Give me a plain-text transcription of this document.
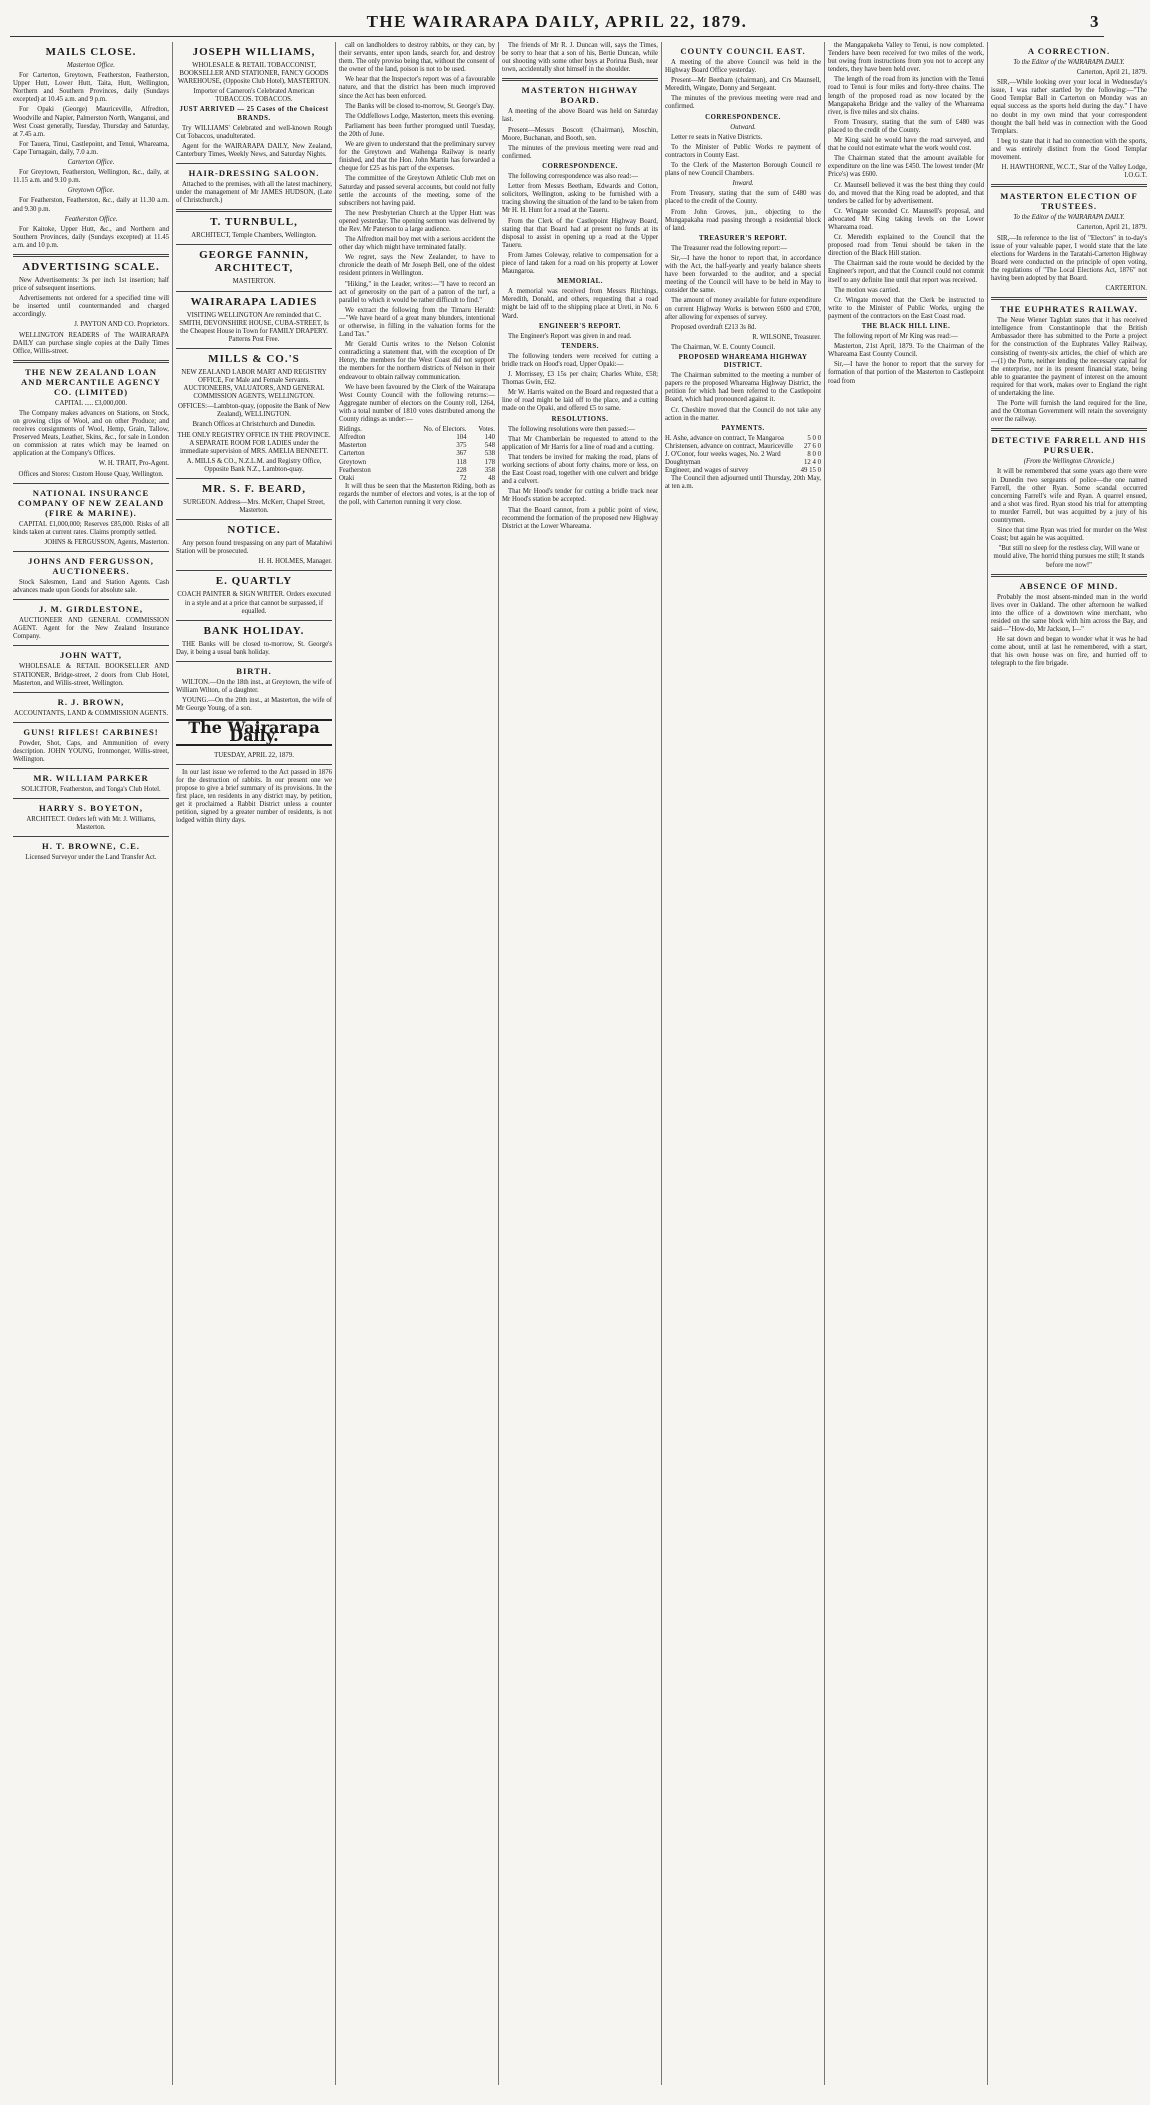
THE WAIRARAPA DAILY, APRIL 22, 1879.	3
MAILS CLOSE.

Masterton Office.

For Carterton, Greytown, Featherston, Featherston, Upper Hutt, Lower Hutt, Taita, Hutt, Wellington, Northern and Southern Provinces, daily (Sundays excepted) at 10.45 a.m. and 9 p.m.

For Opaki (George) Mauriceville, Alfredton, Woodville and Napier, Palmerston North, Wanganui, and West Coast generally, Tuesday, Thursday and Saturday, at 7.45 a.m.

For Tauera, Tinui, Castlepoint, and Tenui, Whareama, Cape Turnagain, daily, 7.0 a.m.

Carterton Office.

For Greytown, Featherston, Wellington, &c., daily, at 11.15 a.m. and 9.10 p.m.

Greytown Office.

For Featherston, Featherston, &c., daily at 11.30 a.m. and 9.30 p.m.

Featherston Office.

For Kaitoke, Upper Hutt, &c., and Northern and Southern Provinces, daily (Sundays excepted) at 11.45 a.m. and 10 p.m.

ADVERTISING SCALE.

New Advertisements: 3s per inch 1st insertion; half price of subsequent insertions.

Advertisements not ordered for a specified time will be inserted until countermanded and charged accordingly.

J. PAYTON AND CO. Proprietors.

WELLINGTON READERS of The WAIRARAPA DAILY can purchase single copies at the Daily Times Office, Willis-street.

THE NEW ZEALAND LOAN AND MERCANTILE AGENCY CO. (LIMITED)

CAPITAL ..... £3,000,000.

The Company makes advances on Stations, on Stock, on growing clips of Wool, and on other Produce; and receives consignments of Wool, Hemp, Grain, Tallow, Preserved Meats, Leather, Skins, &c., for sale in London on commission at rates which may be learned on application at the Company's Offices.

W. H. TRAIT, Pro-Agent.

Offices and Stores: Custom House Quay, Wellington.

NATIONAL INSURANCE COMPANY OF NEW ZEALAND (FIRE & MARINE).

CAPITAL £1,000,000; Reserves £85,000. Risks of all kinds taken at current rates. Claims promptly settled.

JOHNS & FERGUSSON, Agents, Masterton.

JOHNS AND FERGUSSON, AUCTIONEERS.

Stock Salesmen, Land and Station Agents. Cash advances made upon Goods for absolute sale.

J. M. GIRDLESTONE,

AUCTIONEER AND GENERAL COMMISSION AGENT. Agent for the New Zealand Insurance Company.

JOHN WATT,

WHOLESALE & RETAIL BOOKSELLER AND STATIONER, Bridge-street, 2 doors from Club Hotel, Masterton, and Willis-street, Wellington.

R. J. BROWN,

ACCOUNTANTS, LAND & COMMISSION AGENTS.

GUNS! RIFLES! CARBINES!

Powder, Shot, Caps, and Ammunition of every description. JOHN YOUNG, Ironmonger, Willis-street, Wellington.

MR. WILLIAM PARKER

SOLICITOR, Featherston, and Tonga's Club Hotel.

HARRY S. BOYETON,

ARCHITECT. Orders left with Mr. J. Williams, Masterton.

H. T. BROWNE, C.E.

Licensed Surveyor under the Land Transfer Act.

JOSEPH WILLIAMS,

WHOLESALE & RETAIL TOBACCONIST, BOOKSELLER AND STATIONER, FANCY GOODS WAREHOUSE, (Opposite Club Hotel), MASTERTON.

Importer of Cameron's Celebrated American TOBACCOS. TOBACCOS.

JUST ARRIVED — 25 Cases of the Choicest BRANDS.

Try WILLIAMS' Celebrated and well-known Rough Cut Tobaccos, unadulterated.

Agent for the WAIRARAPA DAILY, New Zealand, Canterbury Times, Weekly News, and Saturday Nights.

HAIR-DRESSING SALOON.

Attached to the premises, with all the latest machinery, under the management of Mr JAMES HUDSON, (Late of Christchurch.)

T. TURNBULL,

ARCHITECT, Temple Chambers, Wellington.

GEORGE FANNIN, ARCHITECT,

MASTERTON.

WAIRARAPA LADIES

VISITING WELLINGTON Are reminded that C. SMITH, DEVONSHIRE HOUSE, CUBA-STREET, Is the Cheapest House in Town for FAMILY DRAPERY. Patterns Post Free.

MILLS & CO.'S

NEW ZEALAND LABOR MART AND REGISTRY OFFICE, For Male and Female Servants. AUCTIONEERS, VALUATORS, AND GENERAL COMMISSION AGENTS, WELLINGTON.

OFFICES:—Lambton-quay, (opposite the Bank of New Zealand), WELLINGTON.

Branch Offices at Christchurch and Dunedin.

THE ONLY REGISTRY OFFICE IN THE PROVINCE. A SEPARATE ROOM FOR LADIES under the immediate supervision of MRS. AMELIA BENNETT.

A. MILLS & CO., N.Z.L.M. and Registry Office, Opposite Bank N.Z., Lambton-quay.

MR. S. F. BEARD,

SURGEON. Address—Mrs. McKerr, Chapel Street, Masterton.

NOTICE.

Any person found trespassing on any part of Matahiwi Station will be prosecuted.

H. H. HOLMES, Manager.

E. QUARTLY

COACH PAINTER & SIGN WRITER. Orders executed in a style and at a price that cannot be surpassed, if equalled.

BANK HOLIDAY.

THE Banks will be closed to-morrow, St. George's Day, it being a usual bank holiday.

BIRTH.

WILTON.—On the 18th inst., at Greytown, the wife of William Wilton, of a daughter.

YOUNG.—On the 20th inst., at Masterton, the wife of Mr George Young, of a son.

The Wairarapa Daily.

TUESDAY, APRIL 22, 1879.

In our last issue we referred to the Act passed in 1876 for the destruction of rabbits. In our present one we propose to give a brief summary of its provisions. In the first place, ten residents in any district may, by petition, get it proclaimed a Rabbit District unless a counter petition, signed by a greater number of residents, is not lodged within thirty days.

call on landholders to destroy rabbits, or they can, by their servants, enter upon lands, search for, and destroy them. The only proviso being that, without the consent of the owner of the land, poison is not to be used.

We hear that the Inspector's report was of a favourable nature, and that the district has been much improved since the Act has been enforced.

The Banks will be closed to-morrow, St. George's Day.

The Oddfellows Lodge, Masterton, meets this evening.

Parliament has been further prorogued until Tuesday, the 20th of June.

We are given to understand that the preliminary survey for the Greytown and Waihenga Railway is nearly finished, and that the Hon. John Martin has forwarded a cheque for £25 as his part of the expenses.

The committee of the Greytown Athletic Club met on Saturday and passed several accounts, but could not fully settle the accounts of the meeting, some of the subscribers not having paid.

The new Presbyterian Church at the Upper Hutt was opened yesterday. The opening sermon was delivered by the Rev. Mr Paterson to a large audience.

The Alfredton mail boy met with a serious accident the other day which might have terminated fatally.

We regret, says the New Zealander, to have to chronicle the death of Mr Joseph Bell, one of the oldest resident printers in Wellington.

"Hiking," in the Leader, writes:—"I have to record an act of generosity on the part of a patron of the turf, a parallel to which it would be rather difficult to find."

We extract the following from the Timaru Herald:—"We have heard of a great many blunders, intentional or otherwise, in filling in the valuation forms for the Land Tax."

Mr Gerald Curtis writes to the Nelson Colonist contradicting a statement that, with the exception of Dr Henry, the members for the West Coast did not support the members for the northern districts of Nelson in their endeavour to obtain railway communication.

We have been favoured by the Clerk of the Wairarapa West County Council with the following returns:— Aggregate number of electors on the County roll, 1264, with a total number of 1810 votes distributed among the County ridings as under:—

Ridings.	No. of Electors.	Votes.
Alfredton	104	140
Masterton	375	548
Carterton	367	538
Greytown	118	178
Featherston	228	358
Otaki	72	48

It will thus be seen that the Masterton Riding, both as regards the number of electors and votes, is at the top of the poll, with Carterton running it very close.

The friends of Mr R. J. Duncan will, says the Times, be sorry to hear that a son of his, Bertie Duncan, while out shooting with some other boys at Porirua Bush, near town, accidentally shot himself in the shoulder.

MASTERTON HIGHWAY BOARD.

A meeting of the above Board was held on Saturday last.

Present—Messrs Boscott (Chairman), Moschin, Moore, Buchanan, and Booth, sen.

The minutes of the previous meeting were read and confirmed.

CORRESPONDENCE.

The following correspondence was also read:—

Letter from Messrs Beetham, Edwards and Cotton, solicitors, Wellington, asking to be furnished with a tracing showing the situation of the land to be taken from Mr H. H. Hunt for a road at the Taueru.

From the Clerk of the Castlepoint Highway Board, stating that that Board had at present no funds at its disposal to assist in opening up a road at the Upper Taueru.

From James Coleway, relative to compensation for a piece of land taken for a road on his property at Lower Maungaroa.

MEMORIAL.

A memorial was received from Messrs Ritchings, Meredith, Donald, and others, requesting that a road might be laid off to the shipping place at Ureti, in No. 6 Ward.

ENGINEER'S REPORT.

The Engineer's Report was given in and read.

TENDERS.

The following tenders were received for cutting a bridle track on Hood's road, Upper Opaki:—

J. Morrissey, £3 15s per chain; Charles White, £58; Thomas Gwin, £62.

Mr W. Harris waited on the Board and requested that a line of road might be laid off to the place, and a cutting made on the Opaki, and offered £5 to same.

RESOLUTIONS.

The following resolutions were then passed:—

That Mr Chamberlain be requested to attend to the application of Mr Harris for a line of road and a cutting.

That tenders be invited for making the road, plans of working sections of about forty chains, more or less, on the East Coast road, together with one culvert and bridge and a culvert.

That Mr Hood's tender for cutting a bridle track near Mr Hood's station be accepted.

That the Board cannot, from a public point of view, recommend the formation of the proposed new Highway District at the Lower Whareama.

COUNTY COUNCIL EAST.

A meeting of the above Council was held in the Highway Board Office yesterday.

Present—Mr Beetham (chairman), and Crs Maunsell, Meredith, Wingate, Donny and Sergeant.

The minutes of the previous meeting were read and confirmed.

CORRESPONDENCE.

Outward.

Letter re seats in Native Districts.

To the Minister of Public Works re payment of contractors in County East.

To the Clerk of the Masterton Borough Council re plans of new Council Chambers.

Inward.

From Treasury, stating that the sum of £480 was placed to the credit of the County.

From John Groves, jun., objecting to the Mungapakaha road passing through a residential block of land.

TREASURER'S REPORT.

The Treasurer read the following report:—

Sir,—I have the honor to report that, in accordance with the Act, the half-yearly and yearly balance sheets have been forwarded to the auditor, and a special meeting of the Council will have to be held in May to consider the same.

The amount of money available for future expenditure on current Highway Works is between £600 and £700, after allowing for expenses of survey.

Proposed overdraft £213 3s 8d.

R. WILSONE, Treasurer.

The Chairman, W. E. County Council.

PROPOSED WHAREAMA HIGHWAY DISTRICT.

The Chairman submitted to the meeting a number of papers re the proposed Whareama Highway District, the petition for which had been referred to the Castlepoint Board, which had pronounced against it.

Cr. Cheshire moved that the Council do not take any action in the matter.

PAYMENTS.

H. Ashe, advance on contract, Te Mangaroa	5 0 0
Christensen, advance on contract, Mauriceville	27 6 0
J. O'Conor, four weeks wages, No. 2 Ward	8 0 0
Doughtyman	12 4 0
Engineer, and wages of survey	49 15 0

The Council then adjourned until Thursday, 20th May, at ten a.m.

the Mangapakeha Valley to Tenui, is now completed. Tenders have been received for two miles of the work, but owing from instructions from you not to accept any tenders, they have been held over.

The length of the road from its junction with the Tenui road to Tenui is four miles and forty-three chains. The length of the proposed road as now located by the Mangapakeha Bridge and the valley of the Whareama river, is five miles and six chains.

From Treasury, stating that the sum of £480 was placed to the credit of the County.

Mr King said he would have the road surveyed, and that he could not estimate what the work would cost.

The Chairman stated that the amount available for expenditure on the line was £450. The lowest tender (Mr Price's) was £600.

Cr. Maunsell believed it was the best thing they could do, and moved that the King road be adopted, and that tenders be called for by advertisement.

Cr. Wingate seconded Cr. Maunsell's proposal, and advocated Mr King taking levels on the Lower Whareama road.

Cr. Meredith explained to the Council that the proposed road from Tenui should be taken in the direction of the Black Hill station.

The Chairman said the route would be decided by the Engineer's report, and that the Council could not commit itself to any definite line until that report was received.

The motion was carried.

Cr. Wingate moved that the Clerk be instructed to write to the Minister of Public Works, urging the payment of the contractors on the East Coast road.

THE BLACK HILL LINE.

The following report of Mr King was read:—

Masterton, 21st April, 1879. To the Chairman of the Whareama East County Council.

Sir,—I have the honor to report that the survey for formation of that portion of the Masterton to Castlepoint road from

A CORRECTION.

To the Editor of the WAIRARAPA DAILY.

Carterton, April 21, 1879.

SIR,—While looking over your local in Wednesday's issue, I was rather startled by the following:—"The Good Templar Ball in Carterton on Monday was an equal success as the sports held during the day." I have no doubt in my own mind that your correspondent thought the ball held was in connection with the Good Templars.

I beg to state that it had no connection with the sports, and was entirely distinct from the Good Templar movement.

H. HAWTHORNE, W.C.T., Star of the Valley Lodge, I.O.G.T.

MASTERTON ELECTION OF TRUSTEES.

To the Editor of the WAIRARAPA DAILY.

Carterton, April 21, 1879.

SIR,—In reference to the list of "Electors" in to-day's issue of your valuable paper, I would state that the late elections for Wardens in the Taratahi-Carterton Highway Board were conducted on the principle of open voting, the regulations of "The Local Elections Act, 1876" not having been adopted by that Board.

CARTERTON.

THE EUPHRATES RAILWAY.

The Neue Wiener Tagblatt states that it has received intelligence from Constantinople that the British Ambassador there has submitted to the Porte a project for the construction of the Euphrates Valley Railway, consisting of twenty-six articles, the chief of which are—(1) the Porte, neither lending the necessary capital for the enterprise, nor in its present financial state, being able to guarantee the payment of interest on the amount required for that work, makes over to England the right of undertaking the line.

The Porte will furnish the land required for the line, and the Ottoman Government will retain the sovereignty over the railway.

DETECTIVE FARRELL AND HIS PURSUER.

(From the Wellington Chronicle.)

It will be remembered that some years ago there were in Dunedin two sergeants of police—the one named Farrell, the other Ryan. Some scandal occurred concerning Farrell's wife and Ryan. A quarrel ensued, and a shot was fired. Ryan stood his trial for attempting to murder Farrell, but was acquitted by a jury of his countrymen.

Since that time Ryan was tried for murder on the West Coast; but again he was acquitted.

"But still no sleep for the restless clay, Will wane or mould alive, The horrid thing pursues me still; It stands before me now!"

ABSENCE OF MIND.

Probably the most absent-minded man in the world lives over in Oakland. The other afternoon he walked into the office of a downtown wine merchant, who resided on the same block with him across the Bay, and said—"How-do, Mr Jackson, I—"

He sat down and began to wonder what it was he had come about, until at last he remembered, with a start, that his own house was on fire, and hurried off to telegraph to the fire brigade.
